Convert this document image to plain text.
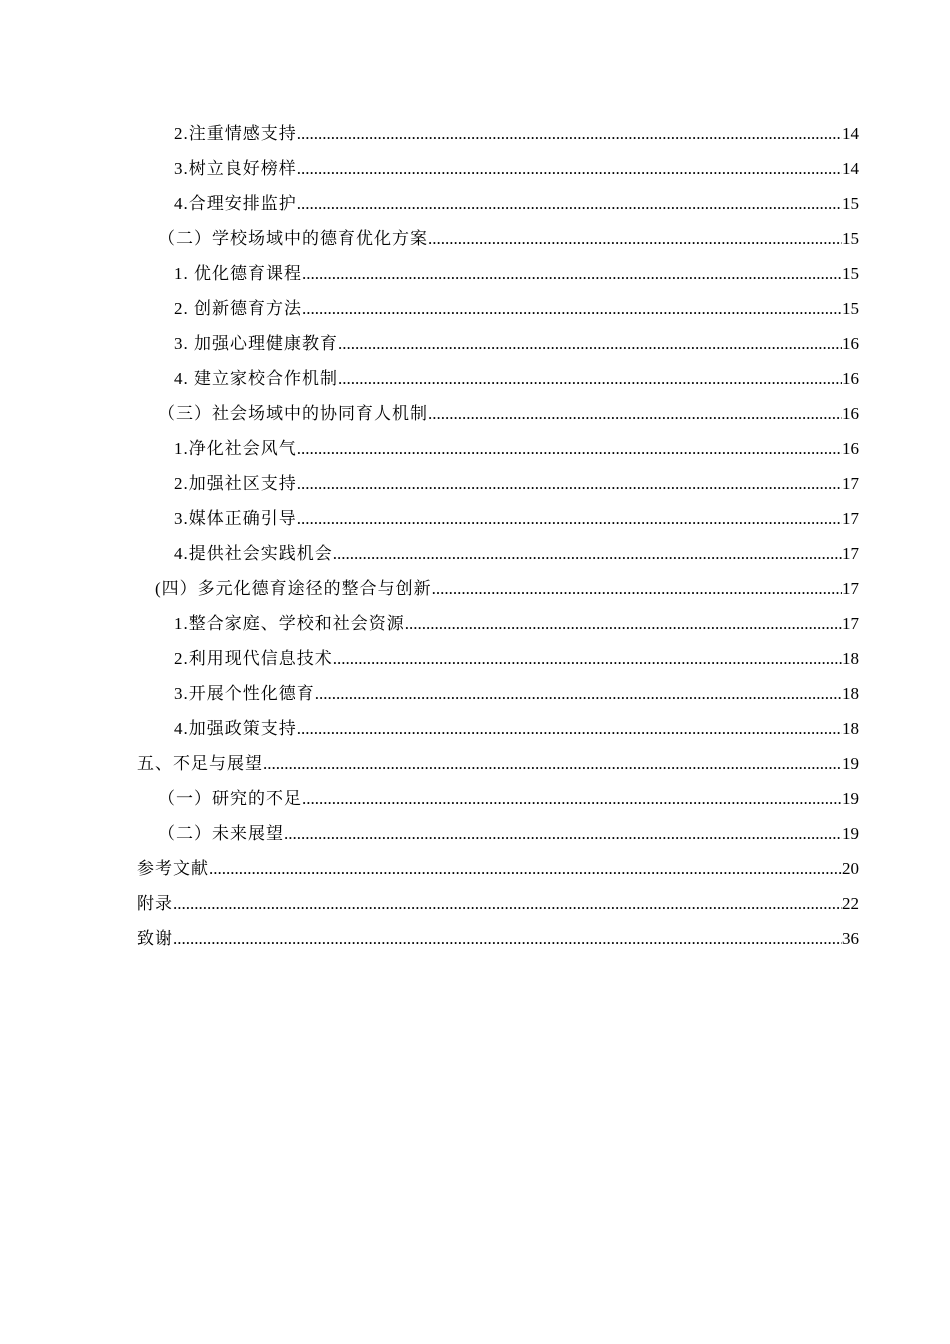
2.注重情感支持 .....	14
3.树立良好榜样 .....	14
4.合理安排监护 .....	15
（二）学校场域中的德育优化方案 .....	15
1. 优化德育课程 .....	15
2. 创新德育方法 .....	15
3. 加强心理健康教育 .....	16
4. 建立家校合作机制 .....	16
（三）社会场域中的协同育人机制 .....	16
1.净化社会风气 .....	16
2.加强社区支持 .....	17
3.媒体正确引导 .....	17
4.提供社会实践机会 .....	17
(四）多元化德育途径的整合与创新 .....	17
1.整合家庭、学校和社会资源 .....	17
2.利用现代信息技术 .....	18
3.开展个性化德育 .....	18
4.加强政策支持 .....	18
五、不足与展望 .....	19
（一）研究的不足 .....	19
（二）未来展望 .....	19
参考文献 .....	20
附录 .....	22
致谢 .....	36
